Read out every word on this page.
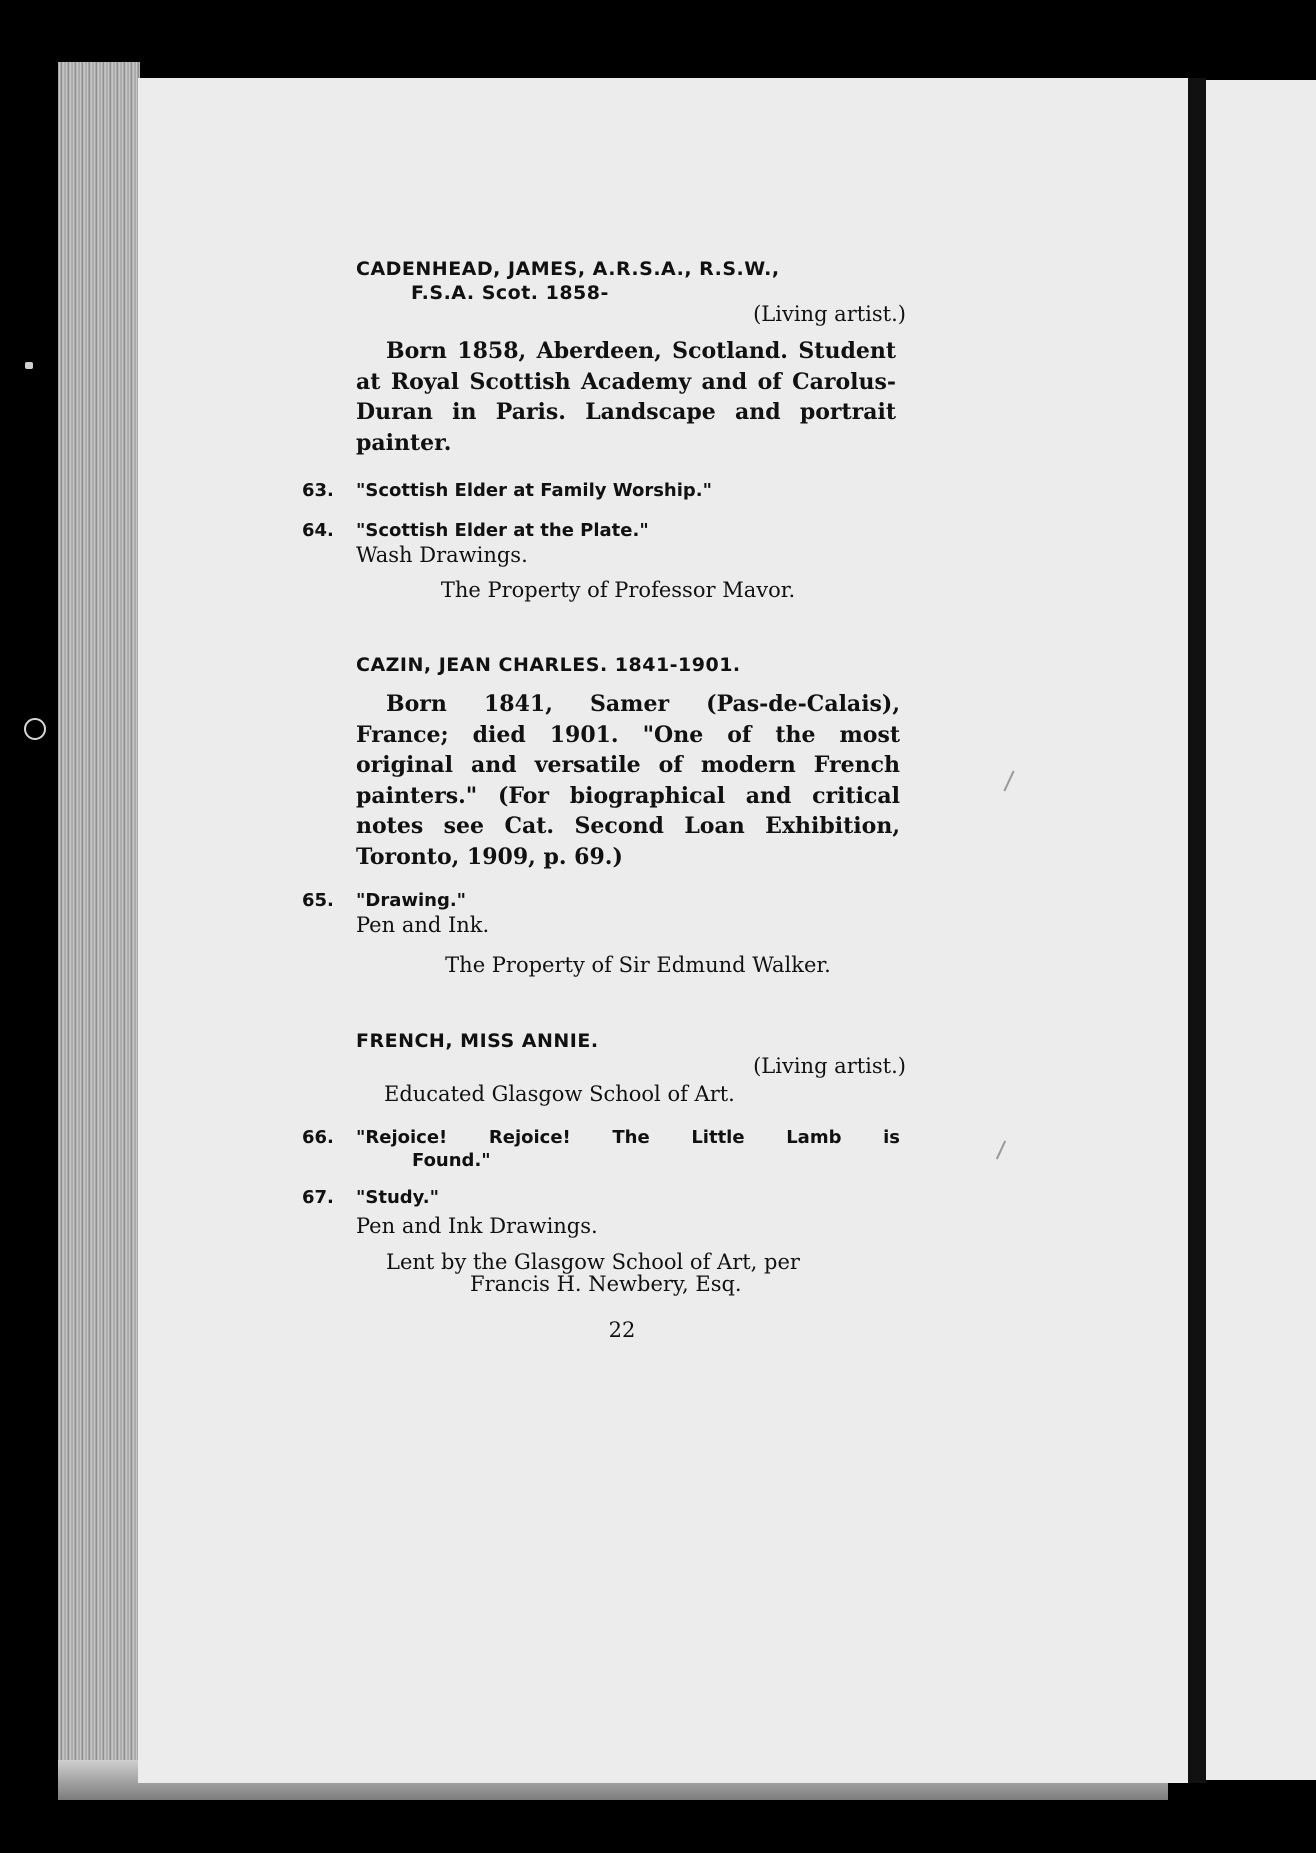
CADENHEAD, JAMES, A.R.S.A., R.S.W.,

F.S.A. Scot. 1858-

(Living artist.)

Born 1858, Aberdeen, Scotland. Student at Royal Scottish Academy and of Carolus-Duran in Paris. Landscape and portrait painter.

63. "Scottish Elder at Family Worship."

64. "Scottish Elder at the Plate."

Wash Drawings.

The Property of Professor Mavor.

CAZIN, JEAN CHARLES. 1841-1901.

Born 1841, Samer (Pas-de-Calais), France; died 1901. "One of the most original and versatile of modern French painters." (For biographical and critical notes see Cat. Second Loan Exhibition, Toronto, 1909, p. 69.)

65. "Drawing."

Pen and Ink.

The Property of Sir Edmund Walker.

FRENCH, MISS ANNIE.

(Living artist.)

Educated Glasgow School of Art.

66. "Rejoice! Rejoice! The Little Lamb is

Found."

67. "Study."

Pen and Ink Drawings.

Lent by the Glasgow School of Art, per

Francis H. Newbery, Esq.

22
